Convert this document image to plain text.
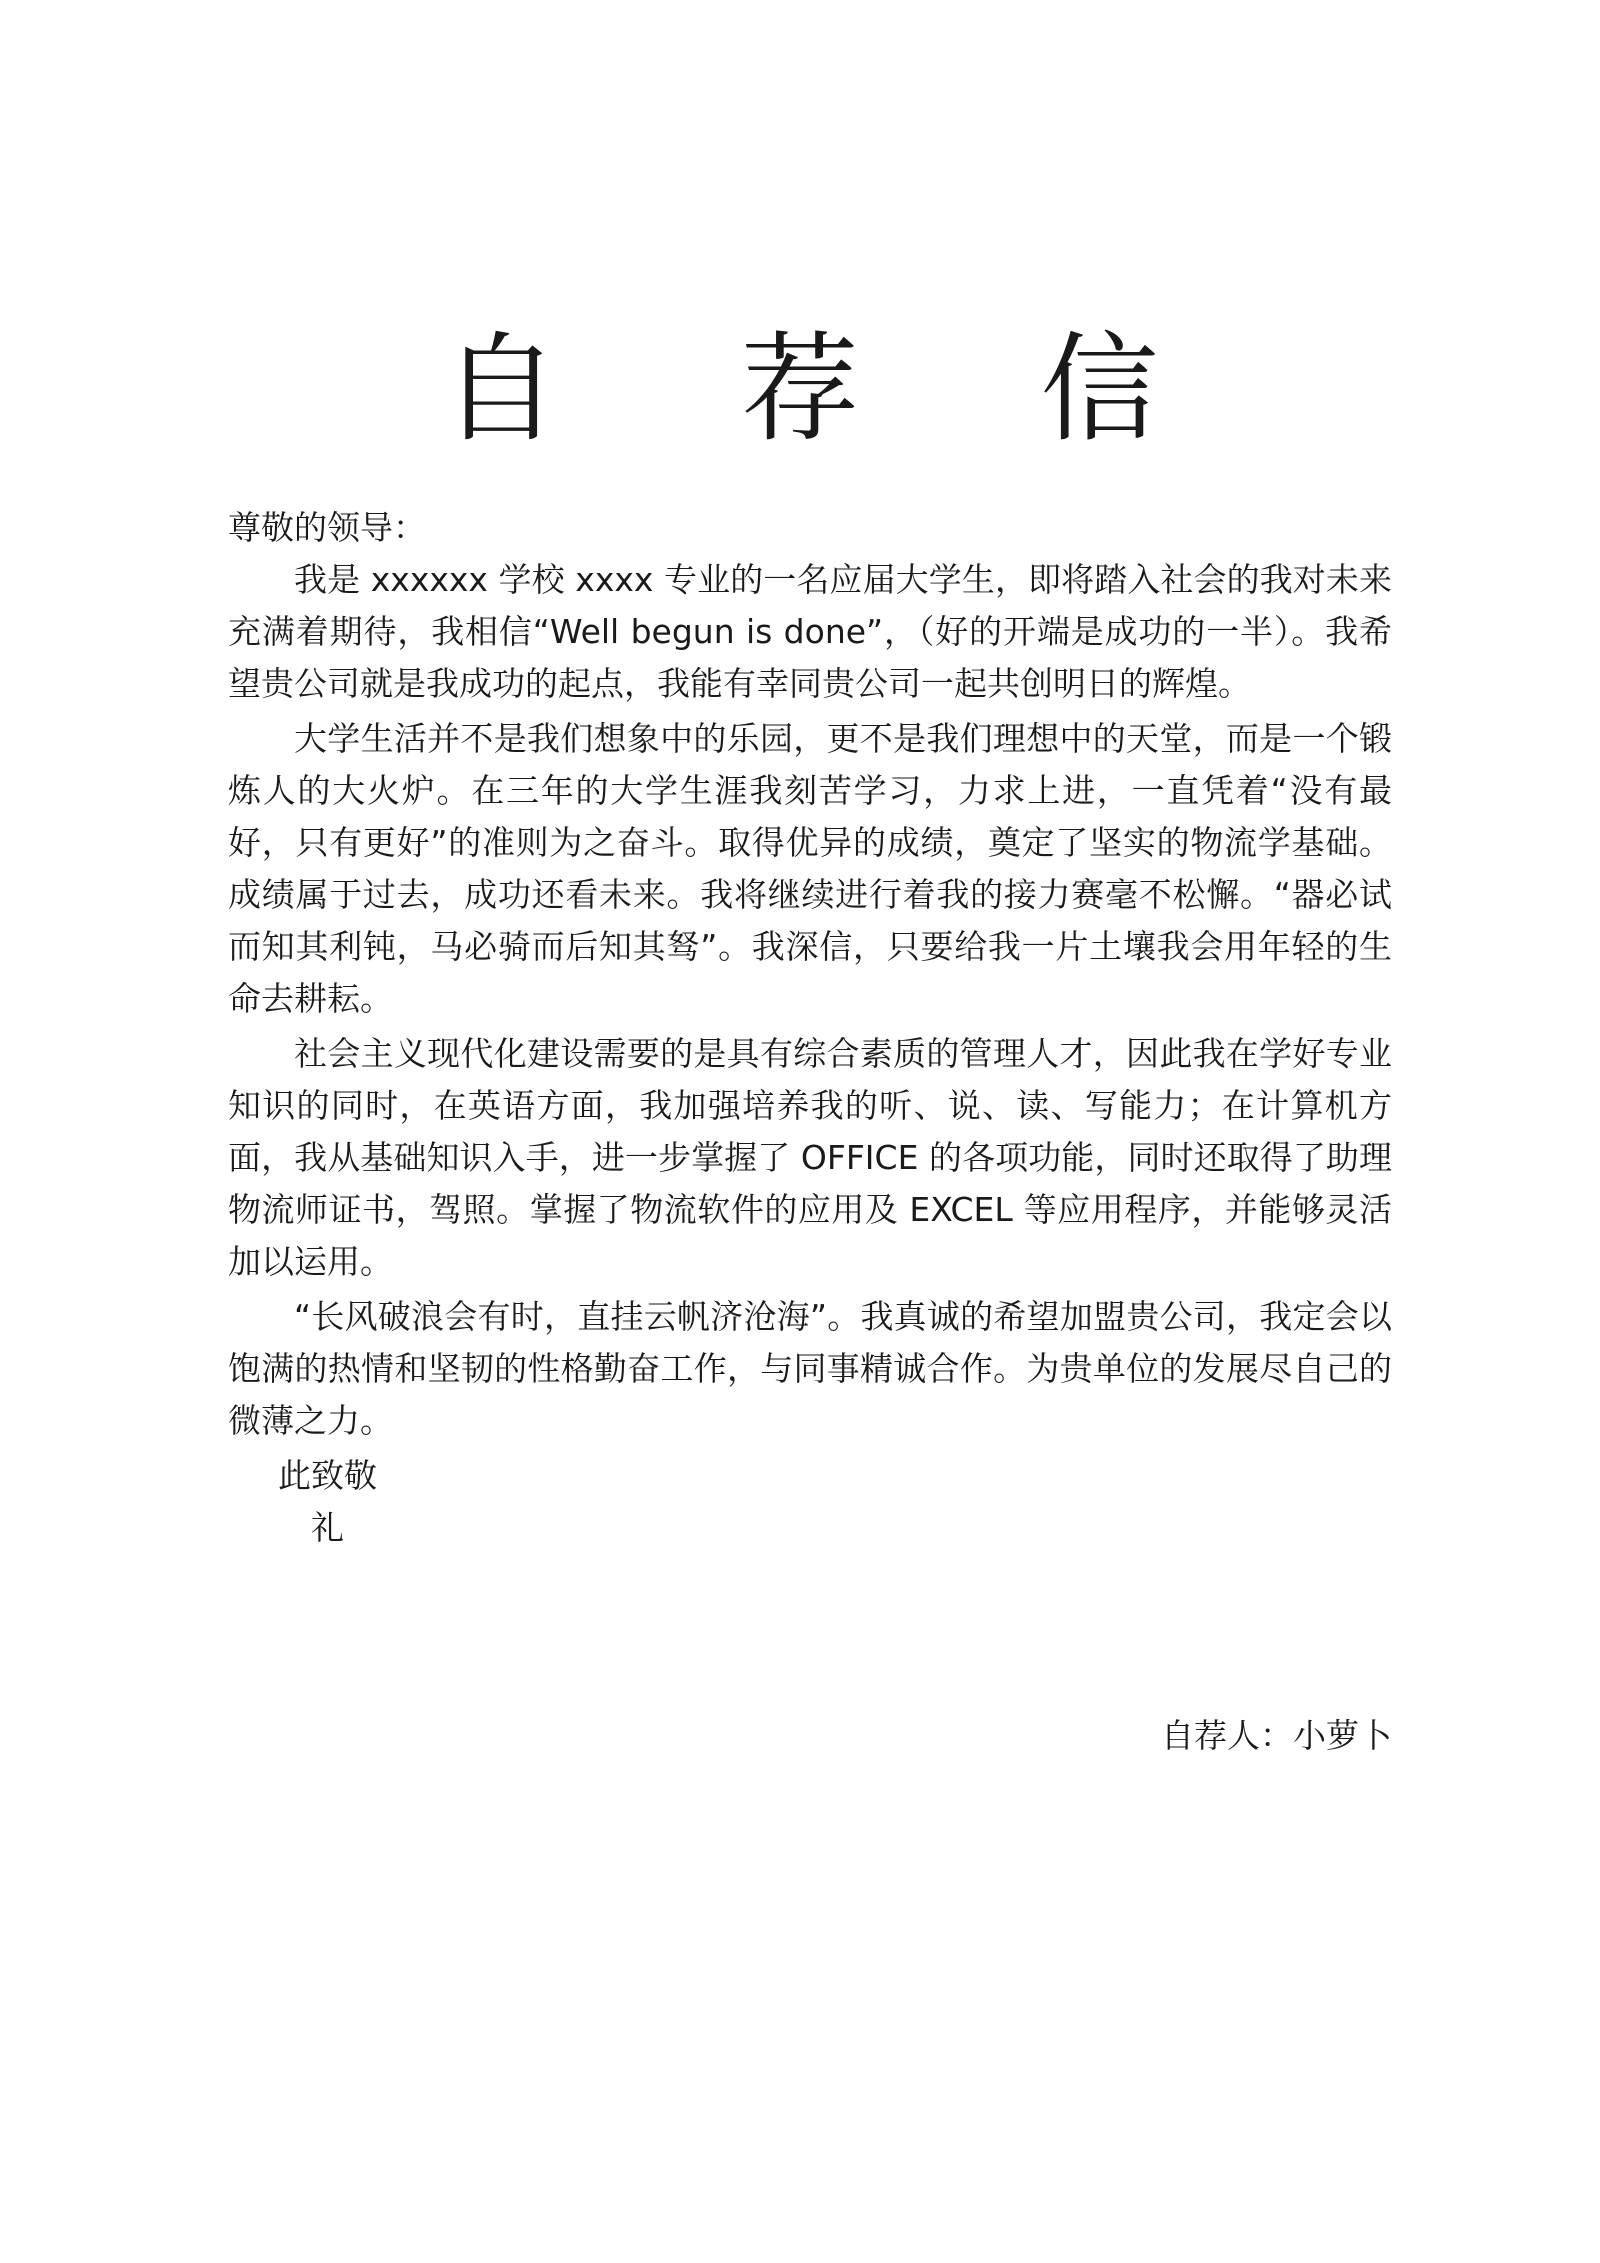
自 荐 信

尊敬的领导：

我是 xxxxxx 学校 xxxx 专业的一名应届大学生，即将踏入社会的我对未来充满着期待，我相信“Well begun is done”，（好的开端是成功的一半）。我希望贵公司就是我成功的起点，我能有幸同贵公司一起共创明日的辉煌。

大学生活并不是我们想象中的乐园，更不是我们理想中的天堂，而是一个锻炼人的大火炉。在三年的大学生涯我刻苦学习，力求上进，一直凭着“没有最好，只有更好”的准则为之奋斗。取得优异的成绩，奠定了坚实的物流学基础。成绩属于过去，成功还看未来。我将继续进行着我的接力赛毫不松懈。“器必试而知其利钝，马必骑而后知其驽”。我深信，只要给我一片土壤我会用年轻的生命去耕耘。

社会主义现代化建设需要的是具有综合素质的管理人才，因此我在学好专业知识的同时，在英语方面，我加强培养我的听、说、读、写能力；在计算机方面，我从基础知识入手，进一步掌握了 OFFICE 的各项功能，同时还取得了助理物流师证书，驾照。掌握了物流软件的应用及 EXCEL 等应用程序，并能够灵活加以运用。

“长风破浪会有时，直挂云帆济沧海”。我真诚的希望加盟贵公司，我定会以饱满的热情和坚韧的性格勤奋工作，与同事精诚合作。为贵单位的发展尽自己的微薄之力。

此致敬

礼

自荐人：小萝卜
